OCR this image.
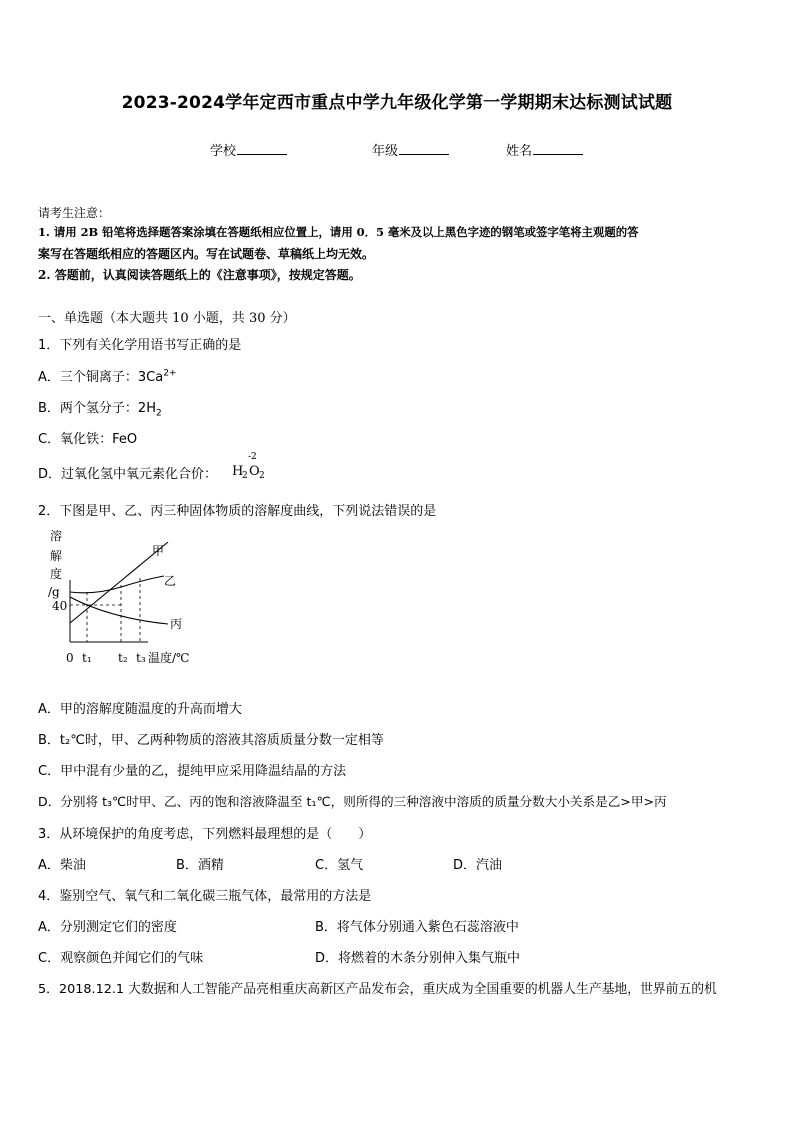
2023-2024学年定西市重点中学九年级化学第一学期期末达标测试试题
学校	年级	姓名
请考生注意：
1. 请用 2B 铅笔将选择题答案涂填在答题纸相应位置上，请用 0．5 毫米及以上黑色字迹的钢笔或签字笔将主观题的答
案写在答题纸相应的答题区内。写在试题卷、草稿纸上均无效。
2. 答题前，认真阅读答题纸上的《注意事项》，按规定答题。
一、单选题（本大题共 10 小题，共 30 分）
1．下列有关化学用语书写正确的是
A．三个铜离子：$3Ca^{2+}$
B．两个氢分子：$2H_2$
C．氧化铁：FeO
D．过氧化氢中氧元素化合价： H
2
-2
O 2
2．下图是甲、乙、丙三种固体物质的溶解度曲线，下列说法错误的是
溶
解
度
/g
40
甲
乙
丙
0 t₁ t₂ t₃ 温度/℃
A．甲的溶解度随温度的升高而增大
B．t₂℃时，甲、乙两种物质的溶液其溶质质量分数一定相等
C．甲中混有少量的乙，提纯甲应采用降温结晶的方法
D．分别将 t₃℃时甲、乙、丙的饱和溶液降温至 t₁℃，则所得的三种溶液中溶质的质量分数大小关系是乙>甲>丙
3．从环境保护的角度考虑，下列燃料最理想的是（　　）
A．柴油	B．酒精	C．氢气	D．汽油
4．鉴别空气、氧气和二氧化碳三瓶气体，最常用的方法是
A．分别测定它们的密度	B．将气体分别通入紫色石蕊溶液中
C．观察颜色并闻它们的气味	D．将燃着的木条分别伸入集气瓶中
5．2018.12.1 大数据和人工智能产品亮相重庆高新区产品发布会，重庆成为全国重要的机器人生产基地，世界前五的机
